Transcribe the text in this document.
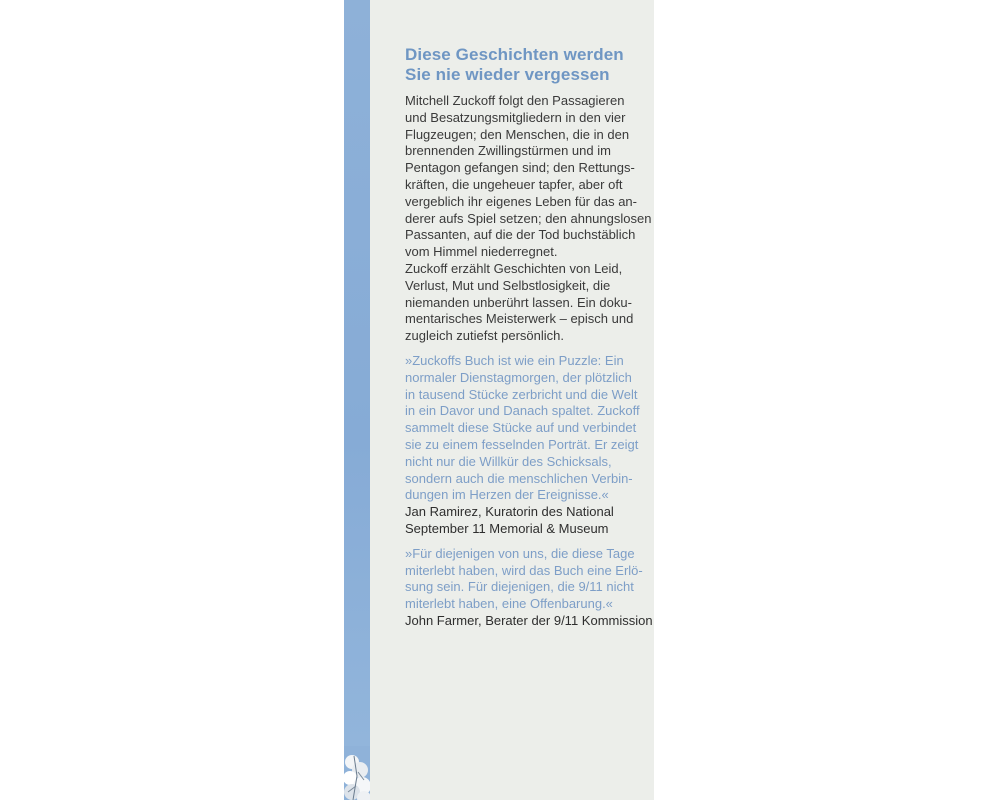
Diese Geschichten werden
Sie nie wieder vergessen

Mitchell Zuckoff folgt den Passagieren
und Besatzungsmitgliedern in den vier
Flugzeugen; den Menschen, die in den
brennenden Zwillingstürmen und im
Pentagon gefangen sind; den Rettungs-
kräften, die ungeheuer tapfer, aber oft
vergeblich ihr eigenes Leben für das an-
derer aufs Spiel setzen; den ahnungslosen
Passanten, auf die der Tod buchstäblich
vom Himmel niederregnet.
Zuckoff erzählt Geschichten von Leid,
Verlust, Mut und Selbstlosigkeit, die
niemanden unberührt lassen. Ein doku-
mentarisches Meisterwerk – episch und
zugleich zutiefst persönlich.

»Zuckoffs Buch ist wie ein Puzzle: Ein
normaler Dienstagmorgen, der plötzlich
in tausend Stücke zerbricht und die Welt
in ein Davor und Danach spaltet. Zuckoff
sammelt diese Stücke auf und verbindet
sie zu einem fesselnden Porträt. Er zeigt
nicht nur die Willkür des Schicksals,
sondern auch die menschlichen Verbin-
dungen im Herzen der Ereignisse.«

Jan Ramirez, Kuratorin des National
September 11 Memorial & Museum

»Für diejenigen von uns, die diese Tage
miterlebt haben, wird das Buch eine Erlö-
sung sein. Für diejenigen, die 9/11 nicht
miterlebt haben, eine Offenbarung.«

John Farmer, Berater der 9/11 Kommission
